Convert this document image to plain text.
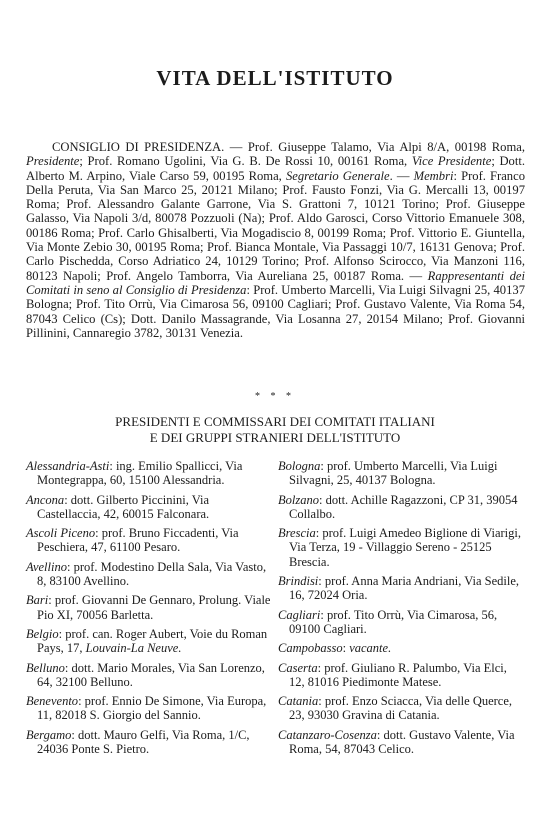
VITA DELL'ISTITUTO

CONSIGLIO DI PRESIDENZA. — Prof. Giuseppe Talamo, Via Alpi 8/A, 00198 Roma, Presidente; Prof. Romano Ugolini, Via G. B. De Rossi 10, 00161 Roma, Vice Presidente; Dott. Alberto M. Arpino, Viale Carso 59, 00195 Roma, Segretario Generale. — Membri: Prof. Franco Della Peruta, Via San Marco 25, 20121 Milano; Prof. Fausto Fonzi, Via G. Mercalli 13, 00197 Roma; Prof. Alessandro Galante Garrone, Via S. Grattoni 7, 10121 Torino; Prof. Giuseppe Galasso, Via Napoli 3/d, 80078 Pozzuoli (Na); Prof. Aldo Garosci, Corso Vittorio Emanuele 308, 00186 Roma; Prof. Carlo Ghisalberti, Via Mogadiscio 8, 00199 Roma; Prof. Vittorio E. Giuntella, Via Monte Zebio 30, 00195 Roma; Prof. Bianca Montale, Via Passaggi 10/7, 16131 Genova; Prof. Carlo Pischedda, Corso Adriatico 24, 10129 Torino; Prof. Alfonso Scirocco, Via Manzoni 116, 80123 Napoli; Prof. Angelo Tamborra, Via Aureliana 25, 00187 Roma. — Rappresentanti dei Comitati in seno al Consiglio di Presidenza: Prof. Umberto Marcelli, Via Luigi Silvagni 25, 40137 Bologna; Prof. Tito Orrù, Via Cimarosa 56, 09100 Cagliari; Prof. Gustavo Valente, Via Roma 54, 87043 Celico (Cs); Dott. Danilo Massagrande, Via Losanna 27, 20154 Milano; Prof. Giovanni Pillinini, Cannaregio 3782, 30131 Venezia.

* * *
PRESIDENTI E COMMISSARI DEI COMITATI ITALIANI
E DEI GRUPPI STRANIERI DELL'ISTITUTO

Alessandria-Asti: ing. Emilio Spallicci, Via Montegrappa, 60, 15100 Alessandria.

Ancona: dott. Gilberto Piccinini, Via Castellaccia, 42, 60015 Falconara.

Ascoli Piceno: prof. Bruno Ficcadenti, Via Peschiera, 47, 61100 Pesaro.

Avellino: prof. Modestino Della Sala, Via Vasto, 8, 83100 Avellino.

Bari: prof. Giovanni De Gennaro, Prolung. Viale Pio XI, 70056 Barletta.

Belgio: prof. can. Roger Aubert, Voie du Roman Pays, 17, Louvain-La Neuve.

Belluno: dott. Mario Morales, Via San Lorenzo, 64, 32100 Belluno.

Benevento: prof. Ennio De Simone, Via Europa, 11, 82018 S. Giorgio del Sannio.

Bergamo: dott. Mauro Gelfi, Via Roma, 1/C, 24036 Ponte S. Pietro.

Bologna: prof. Umberto Marcelli, Via Luigi Silvagni, 25, 40137 Bologna.

Bolzano: dott. Achille Ragazzoni, CP 31, 39054 Collalbo.

Brescia: prof. Luigi Amedeo Biglione di Viarigi, Via Terza, 19 - Villaggio Sereno - 25125 Brescia.

Brindisi: prof. Anna Maria Andriani, Via Sedile, 16, 72024 Oria.

Cagliari: prof. Tito Orrù, Via Cimarosa, 56, 09100 Cagliari.

Campobasso: vacante.

Caserta: prof. Giuliano R. Palumbo, Via Elci, 12, 81016 Piedimonte Matese.

Catania: prof. Enzo Sciacca, Via delle Querce, 23, 93030 Gravina di Catania.

Catanzaro-Cosenza: dott. Gustavo Valente, Via Roma, 54, 87043 Celico.
